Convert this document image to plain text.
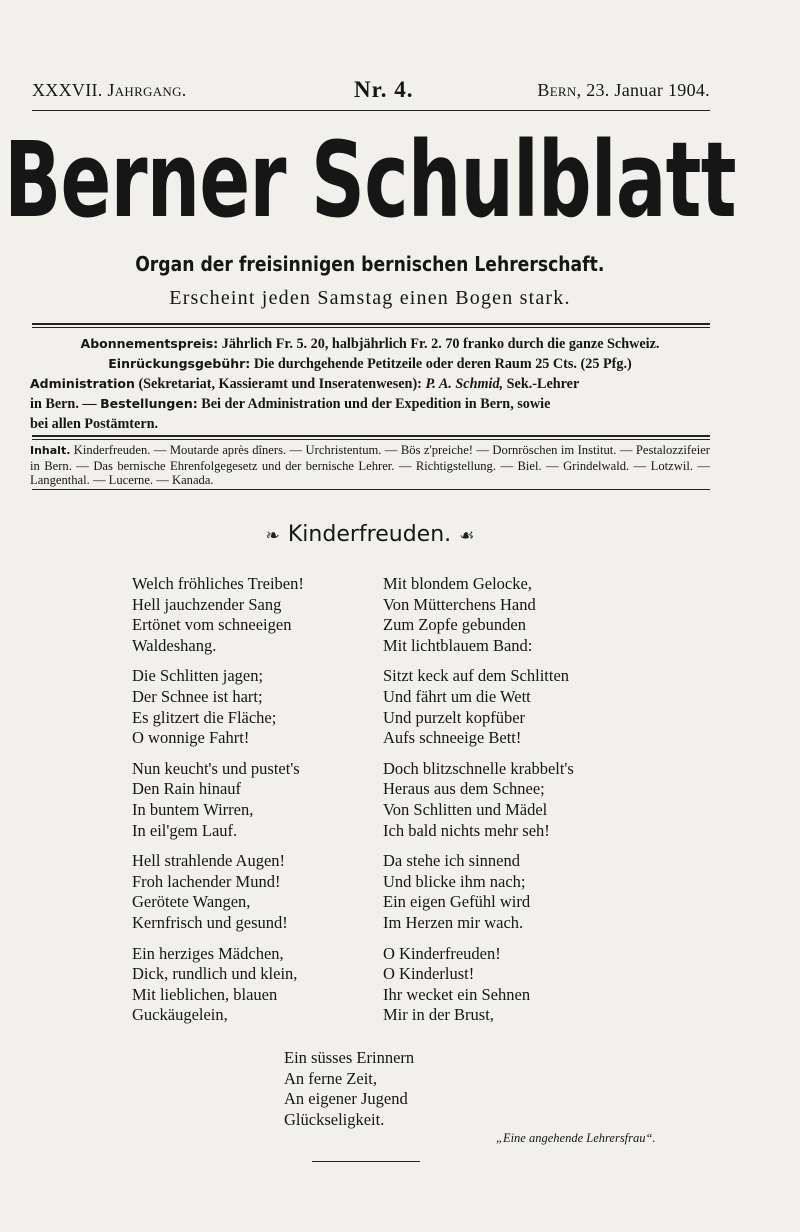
XXXVII. Jahrgang.	Nr. 4.	Bern, 23. Januar 1904.
Berner Schulblatt
Organ der freisinnigen bernischen Lehrerschaft.
Erscheint jeden Samstag einen Bogen stark.
Abonnementspreis: Jährlich Fr. 5. 20, halbjährlich Fr. 2. 70 franko durch die ganze Schweiz.
Einrückungsgebühr: Die durchgehende Petitzeile oder deren Raum 25 Cts. (25 Pfg.)
Administration (Sekretariat, Kassieramt und Inseratenwesen): P. A. Schmid, Sek.-Lehrer
in Bern. — Bestellungen: Bei der Administration und der Expedition in Bern, sowie
bei allen Postämtern.
Inhalt. Kinderfreuden. — Moutarde après dîners. — Urchristentum. — Bös z'preiche! — Dornröschen im Institut. — Pestalozzifeier in Bern. — Das bernische Ehrenfolgegesetz und der bernische Lehrer. — Richtigstellung. — Biel. — Grindelwald. — Lotzwil. — Langenthal. — Lucerne. — Kanada.
❧ Kinderfreuden. ☙
Welch fröhliches Treiben!
Hell jauchzender Sang
Ertönet vom schneeigen
Waldeshang.
Die Schlitten jagen;
Der Schnee ist hart;
Es glitzert die Fläche;
O wonnige Fahrt!
Nun keucht's und pustet's
Den Rain hinauf
In buntem Wirren,
In eil'gem Lauf.
Hell strahlende Augen!
Froh lachender Mund!
Gerötete Wangen,
Kernfrisch und gesund!
Ein herziges Mädchen,
Dick, rundlich und klein,
Mit lieblichen, blauen
Guckäugelein,
Mit blondem Gelocke,
Von Mütterchens Hand
Zum Zopfe gebunden
Mit lichtblauem Band:
Sitzt keck auf dem Schlitten
Und fährt um die Wett
Und purzelt kopfüber
Aufs schneeige Bett!
Doch blitzschnelle krabbelt's
Heraus aus dem Schnee;
Von Schlitten und Mädel
Ich bald nichts mehr seh!
Da stehe ich sinnend
Und blicke ihm nach;
Ein eigen Gefühl wird
Im Herzen mir wach.
O Kinderfreuden!
O Kinderlust!
Ihr wecket ein Sehnen
Mir in der Brust,
Ein süsses Erinnern
An ferne Zeit,
An eigener Jugend
Glückseligkeit.
„Eine angehende Lehrersfrau“.
